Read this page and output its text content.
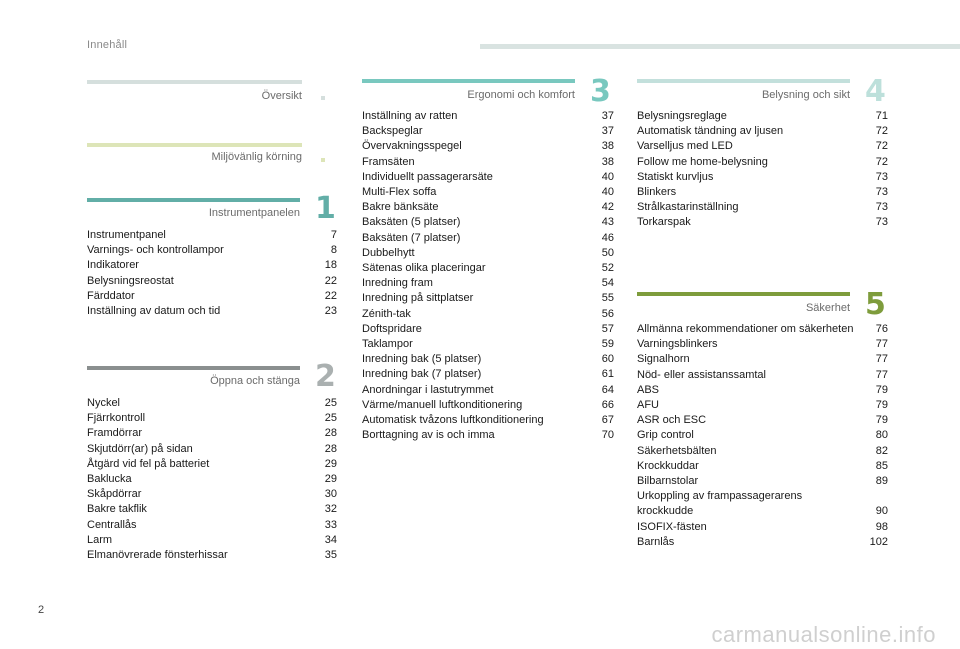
Innehåll
Översikt
Miljövänlig körning
Instrumentpanelen 1
Instrumentpanel	7
Varnings- och kontrollampor	8
Indikatorer	18
Belysningsreostat	22
Färddator	22
Inställning av datum och tid	23
Öppna och stänga 2
Nyckel	25
Fjärrkontroll	25
Framdörrar	28
Skjutdörr(ar) på sidan	28
Åtgärd vid fel på batteriet	29
Baklucka	29
Skåpdörrar	30
Bakre takflik	32
Centrallås	33
Larm	34
Elmanövrerade fönsterhissar	35
Ergonomi och komfort 3
Inställning av ratten	37
Backspeglar	37
Övervakningsspegel	38
Framsäten	38
Individuellt passagerarsäte	40
Multi-Flex soffa	40
Bakre bänksäte	42
Baksäten (5 platser)	43
Baksäten (7 platser)	46
Dubbelhytt	50
Sätenas olika placeringar	52
Inredning fram	54
Inredning på sittplatser	55
Zénith-tak	56
Doftspridare	57
Taklampor	59
Inredning bak (5 platser)	60
Inredning bak (7 platser)	61
Anordningar i lastutrymmet	64
Värme/manuell luftkonditionering	66
Automatisk tvåzons luftkonditionering	67
Borttagning av is och imma	70
Belysning och sikt 4
Belysningsreglage	71
Automatisk tändning av ljusen	72
Varselljus med LED	72
Follow me home-belysning	72
Statiskt kurvljus	73
Blinkers	73
Strålkastarinställning	73
Torkarspak	73
Säkerhet 5
Allmänna rekommendationer om säkerheten	76
Varningsblinkers	77
Signalhorn	77
Nöd- eller assistanssamtal	77
ABS	79
AFU	79
ASR och ESC	79
Grip control	80
Säkerhetsbälten	82
Krockkuddar	85
Bilbarnstolar	89
Urkoppling av frampassagerarens
krockkudde	90
ISOFIX-fästen	98
Barnlås	102
2
carmanualsonline.info
